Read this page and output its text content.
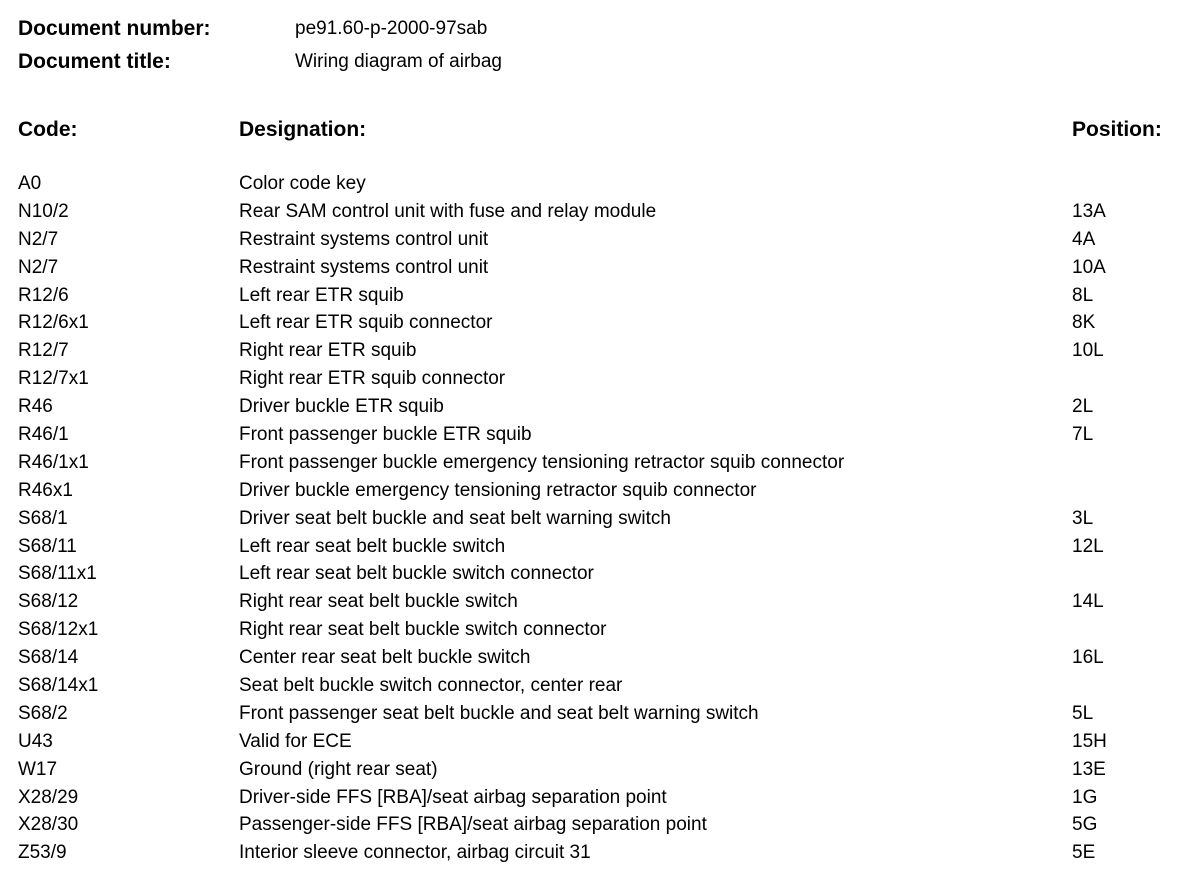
Document number:	pe91.60-p-2000-97sab
Document title:	Wiring diagram of airbag
Code:	Designation:	Position:
A0	Color code key
N10/2	Rear SAM control unit with fuse and relay module	13A
N2/7	Restraint systems control unit	4A
N2/7	Restraint systems control unit	10A
R12/6	Left rear ETR squib	8L
R12/6x1	Left rear ETR squib connector	8K
R12/7	Right rear ETR squib	10L
R12/7x1	Right rear ETR squib connector
R46	Driver buckle ETR squib	2L
R46/1	Front passenger buckle ETR squib	7L
R46/1x1	Front passenger buckle emergency tensioning retractor squib connector
R46x1	Driver buckle emergency tensioning retractor squib connector
S68/1	Driver seat belt buckle and seat belt warning switch	3L
S68/11	Left rear seat belt buckle switch	12L
S68/11x1	Left rear seat belt buckle switch connector
S68/12	Right rear seat belt buckle switch	14L
S68/12x1	Right rear seat belt buckle switch connector
S68/14	Center rear seat belt buckle switch	16L
S68/14x1	Seat belt buckle switch connector, center rear
S68/2	Front passenger seat belt buckle and seat belt warning switch	5L
U43	Valid for ECE	15H
W17	Ground (right rear seat)	13E
X28/29	Driver-side FFS [RBA]/seat airbag separation point	1G
X28/30	Passenger-side FFS [RBA]/seat airbag separation point	5G
Z53/9	Interior sleeve connector, airbag circuit 31	5E
